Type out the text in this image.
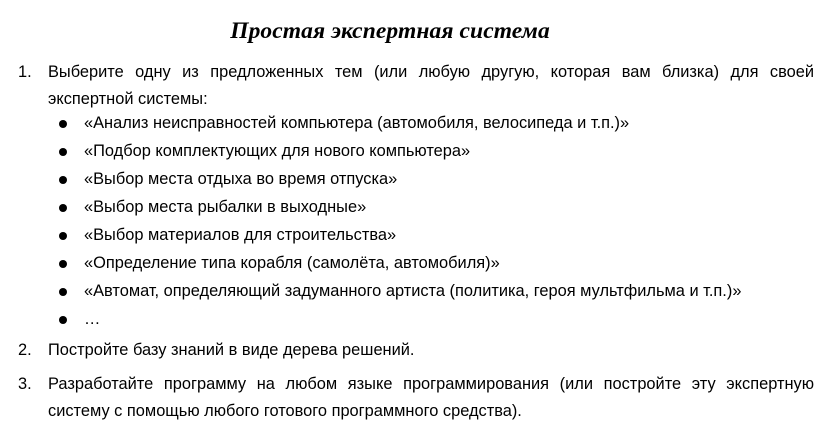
Простая экспертная система
1. Выберите одну из предложенных тем (или любую другую, которая вам близка) для своей экспертной системы:
«Анализ неисправностей компьютера (автомобиля, велосипеда и т.п.)»
«Подбор комплектующих для нового компьютера»
«Выбор места отдыха во время отпуска»
«Выбор места рыбалки в выходные»
«Выбор материалов для строительства»
«Определение типа корабля (самолёта, автомобиля)»
«Автомат, определяющий задуманного артиста (политика, героя мультфильма и т.п.)»
…
2. Постройте базу знаний в виде дерева решений.
3. Разработайте программу на любом языке программирования (или постройте эту экспертную систему с помощью любого готового программного средства).
